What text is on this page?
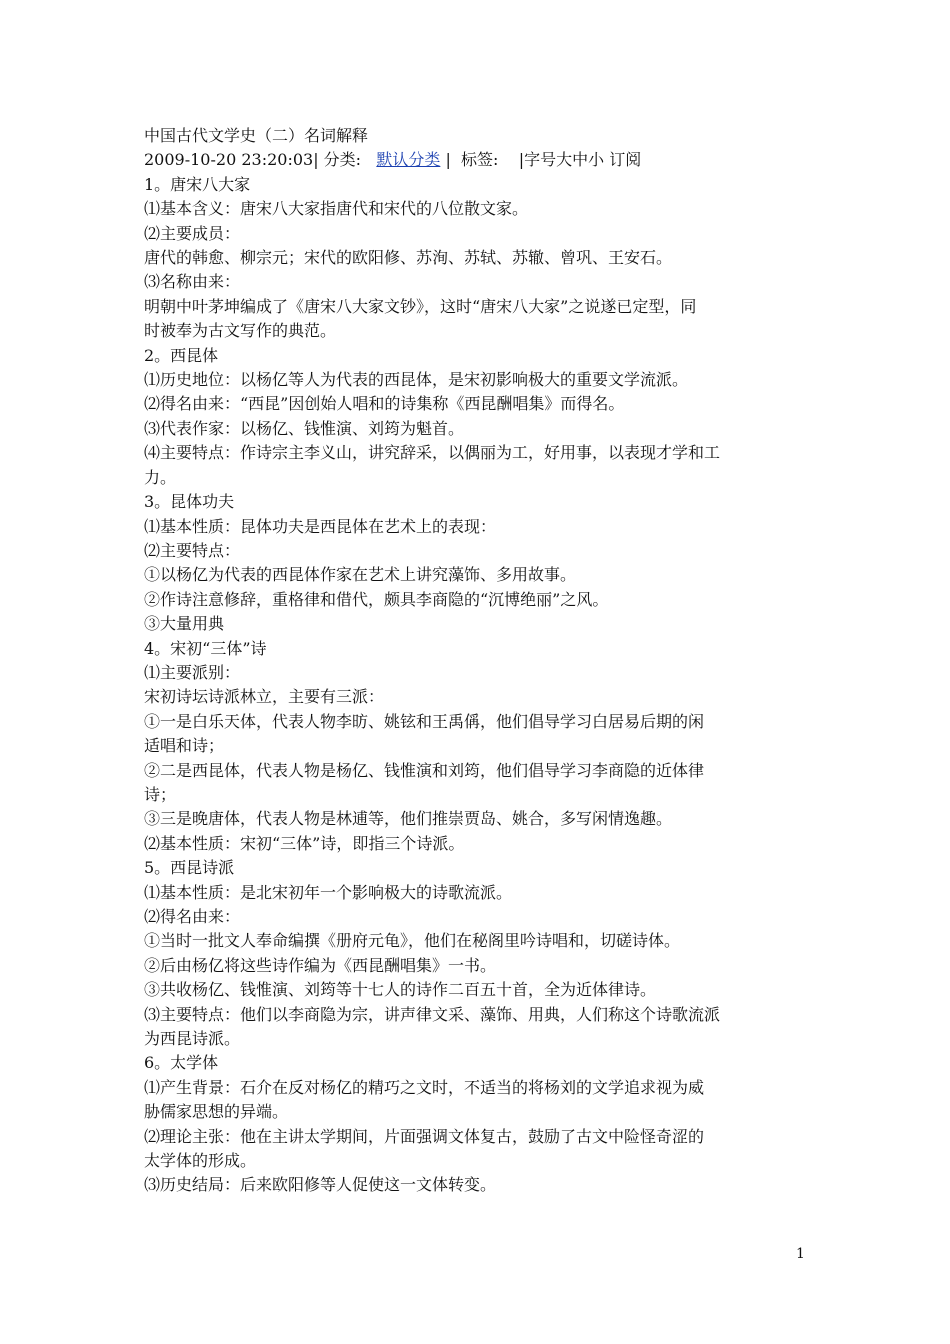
中国古代文学史（二）名词解释

2009-10-20 23:20:03| 分类:   默认分类 |  标签:    |字号大中小 订阅

1。唐宋八大家

⑴基本含义：唐宋八大家指唐代和宋代的八位散文家。

⑵主要成员：

唐代的韩愈、柳宗元；宋代的欧阳修、苏洵、苏轼、苏辙、曾巩、王安石。

⑶名称由来：

明朝中叶茅坤编成了《唐宋八大家文钞》，这时“唐宋八大家”之说遂已定型，同

时被奉为古文写作的典范。

2。西昆体

⑴历史地位：以杨亿等人为代表的西昆体，是宋初影响极大的重要文学流派。

⑵得名由来：“西昆”因创始人唱和的诗集称《西昆酬唱集》而得名。

⑶代表作家：以杨亿、钱惟演、刘筠为魁首。

⑷主要特点：作诗宗主李义山，讲究辞采，以偶丽为工，好用事，以表现才学和工

力。

3。昆体功夫

⑴基本性质：昆体功夫是西昆体在艺术上的表现：

⑵主要特点：

①以杨亿为代表的西昆体作家在艺术上讲究藻饰、多用故事。

②作诗注意修辞，重格律和借代，颇具李商隐的“沉博绝丽”之风。

③大量用典

4。宋初“三体”诗

⑴主要派别：

宋初诗坛诗派林立，主要有三派：

①一是白乐天体，代表人物李昉、姚铉和王禹偁，他们倡导学习白居易后期的闲

适唱和诗；

②二是西昆体，代表人物是杨亿、钱惟演和刘筠，他们倡导学习李商隐的近体律

诗；

③三是晚唐体，代表人物是林逋等，他们推崇贾岛、姚合，多写闲情逸趣。

⑵基本性质：宋初“三体”诗，即指三个诗派。

5。西昆诗派

⑴基本性质：是北宋初年一个影响极大的诗歌流派。

⑵得名由来：

①当时一批文人奉命编撰《册府元龟》，他们在秘阁里吟诗唱和，切磋诗体。

②后由杨亿将这些诗作编为《西昆酬唱集》一书。

③共收杨亿、钱惟演、刘筠等十七人的诗作二百五十首，全为近体律诗。

⑶主要特点：他们以李商隐为宗，讲声律文采、藻饰、用典，人们称这个诗歌流派

为西昆诗派。

6。太学体

⑴产生背景：石介在反对杨亿的精巧之文时，不适当的将杨刘的文学追求视为威

胁儒家思想的异端。

⑵理论主张：他在主讲太学期间，片面强调文体复古，鼓励了古文中险怪奇涩的

太学体的形成。

⑶历史结局：后来欧阳修等人促使这一文体转变。

1
